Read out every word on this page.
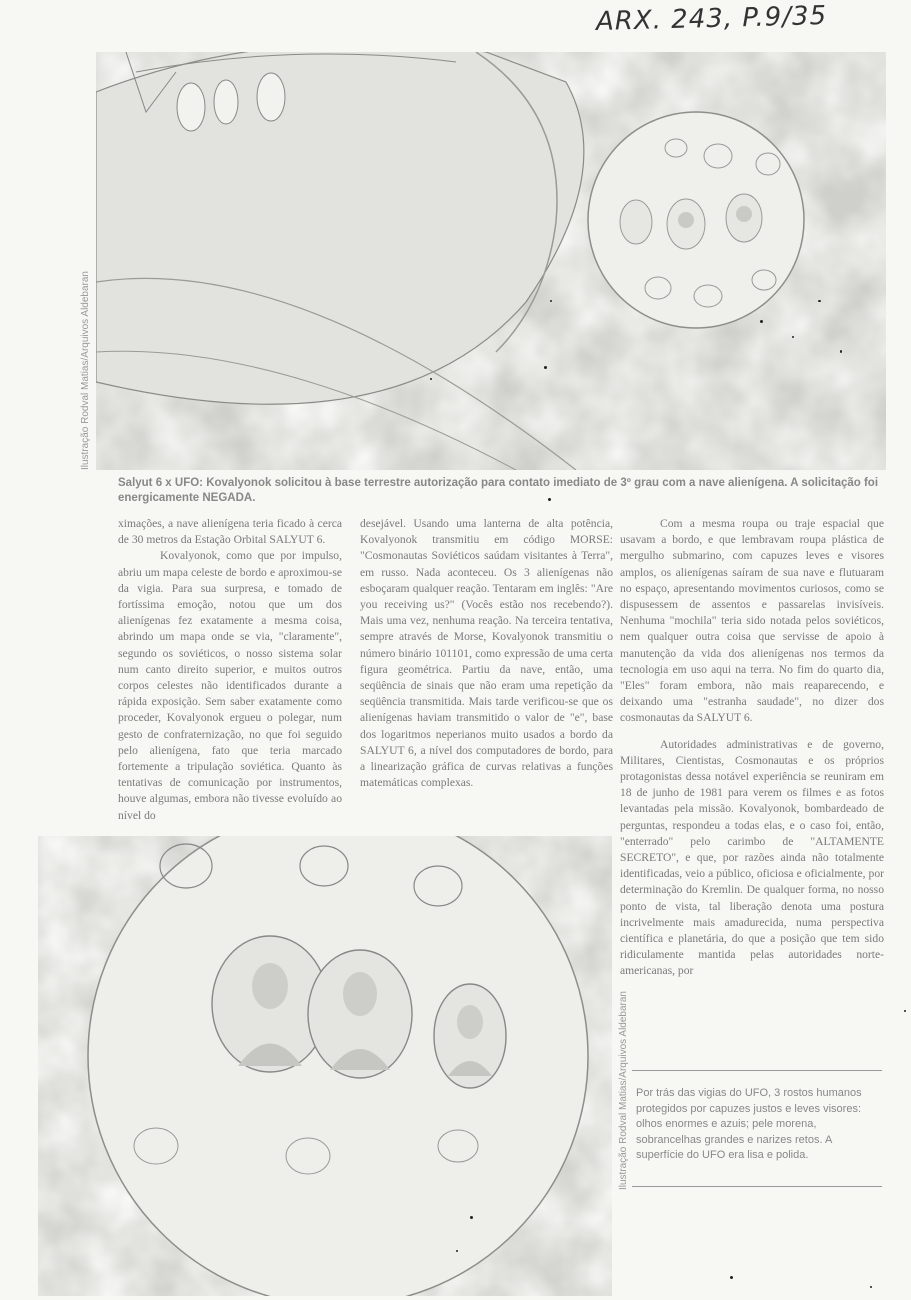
ARX. 243, P.9/35
Ilustração Rodval Matias/Arquivos Aldebaran
Salyut 6 x UFO: Kovalyonok solicitou à base terrestre autorização para contato imediato de 3º grau com a nave alienígena. A solicitação foi energicamente NEGADA.

ximações, a nave alienígena teria ficado à cerca de 30 metros da Estação Orbital SALYUT 6.

Kovalyonok, como que por impulso, abriu um mapa celeste de bordo e aproximou-se da vigia. Para sua surpresa, e tomado de fortíssima emoção, notou que um dos alienígenas fez exatamente a mesma coisa, abrindo um mapa onde se via, "claramente", segundo os soviéticos, o nosso sistema solar num canto direito superior, e muitos outros corpos celestes não identificados durante a rápida exposição. Sem saber exatamente como proceder, Kovalyonok ergueu o polegar, num gesto de confraternização, no que foi seguido pelo alienígena, fato que teria marcado fortemente a tripulação soviética. Quanto às tentativas de comunicação por instrumentos, houve algumas, embora não tivesse evoluído ao nível do

desejável. Usando uma lanterna de alta potência, Kovalyonok transmitiu em código MORSE: "Cosmonautas Soviéticos saúdam visitantes à Terra", em russo. Nada aconteceu. Os 3 alienígenas não esboçaram qualquer reação. Tentaram em inglês: "Are you receiving us?" (Vocês estão nos recebendo?). Mais uma vez, nenhuma reação. Na terceira tentativa, sempre através de Morse, Kovalyonok transmitiu o número binário 101101, como expressão de uma certa figura geométrica. Partiu da nave, então, uma seqüência de sinais que não eram uma repetição da seqüência transmitida. Mais tarde verificou-se que os alienígenas haviam transmitido o valor de "e", base dos logaritmos neperianos muito usados a bordo da SALYUT 6, a nível dos computadores de bordo, para a linearização gráfica de curvas relativas a funções matemáticas complexas.

Com a mesma roupa ou traje espacial que usavam a bordo, e que lembravam roupa plástica de mergulho submarino, com capuzes leves e visores amplos, os alienígenas saíram de sua nave e flutuaram no espaço, apresentando movimentos curiosos, como se dispusessem de assentos e passarelas invisíveis. Nenhuma "mochila" teria sido notada pelos soviéticos, nem qualquer outra coisa que servisse de apoio à manutenção da vida dos alienígenas nos termos da tecnologia em uso aqui na terra. No fim do quarto dia, "Eles" foram embora, não mais reaparecendo, e deixando uma "estranha saudade", no dizer dos cosmonautas da SALYUT 6.

Autoridades administrativas e de governo, Militares, Cientistas, Cosmonautas e os próprios protagonistas dessa notável experiência se reuniram em 18 de junho de 1981 para verem os filmes e as fotos levantadas pela missão. Kovalyonok, bombardeado de perguntas, respondeu a todas elas, e o caso foi, então, "enterrado" pelo carimbo de "ALTAMENTE SECRETO", e que, por razões ainda não totalmente identificadas, veio a público, oficiosa e oficialmente, por determinação do Kremlin. De qualquer forma, no nosso ponto de vista, tal liberação denota uma postura incrivelmente mais amadurecida, numa perspectiva científica e planetária, do que a posição que tem sido ridiculamente mantida pelas autoridades norte-americanas, por

Ilustração Rodval Matias/Arquivos Aldebaran Por trás das vigias do UFO, 3 rostos humanos protegidos por capuzes justos e leves visores: olhos enormes e azuis; pele morena, sobrancelhas grandes e narizes retos. A superfície do UFO era lisa e polida.
